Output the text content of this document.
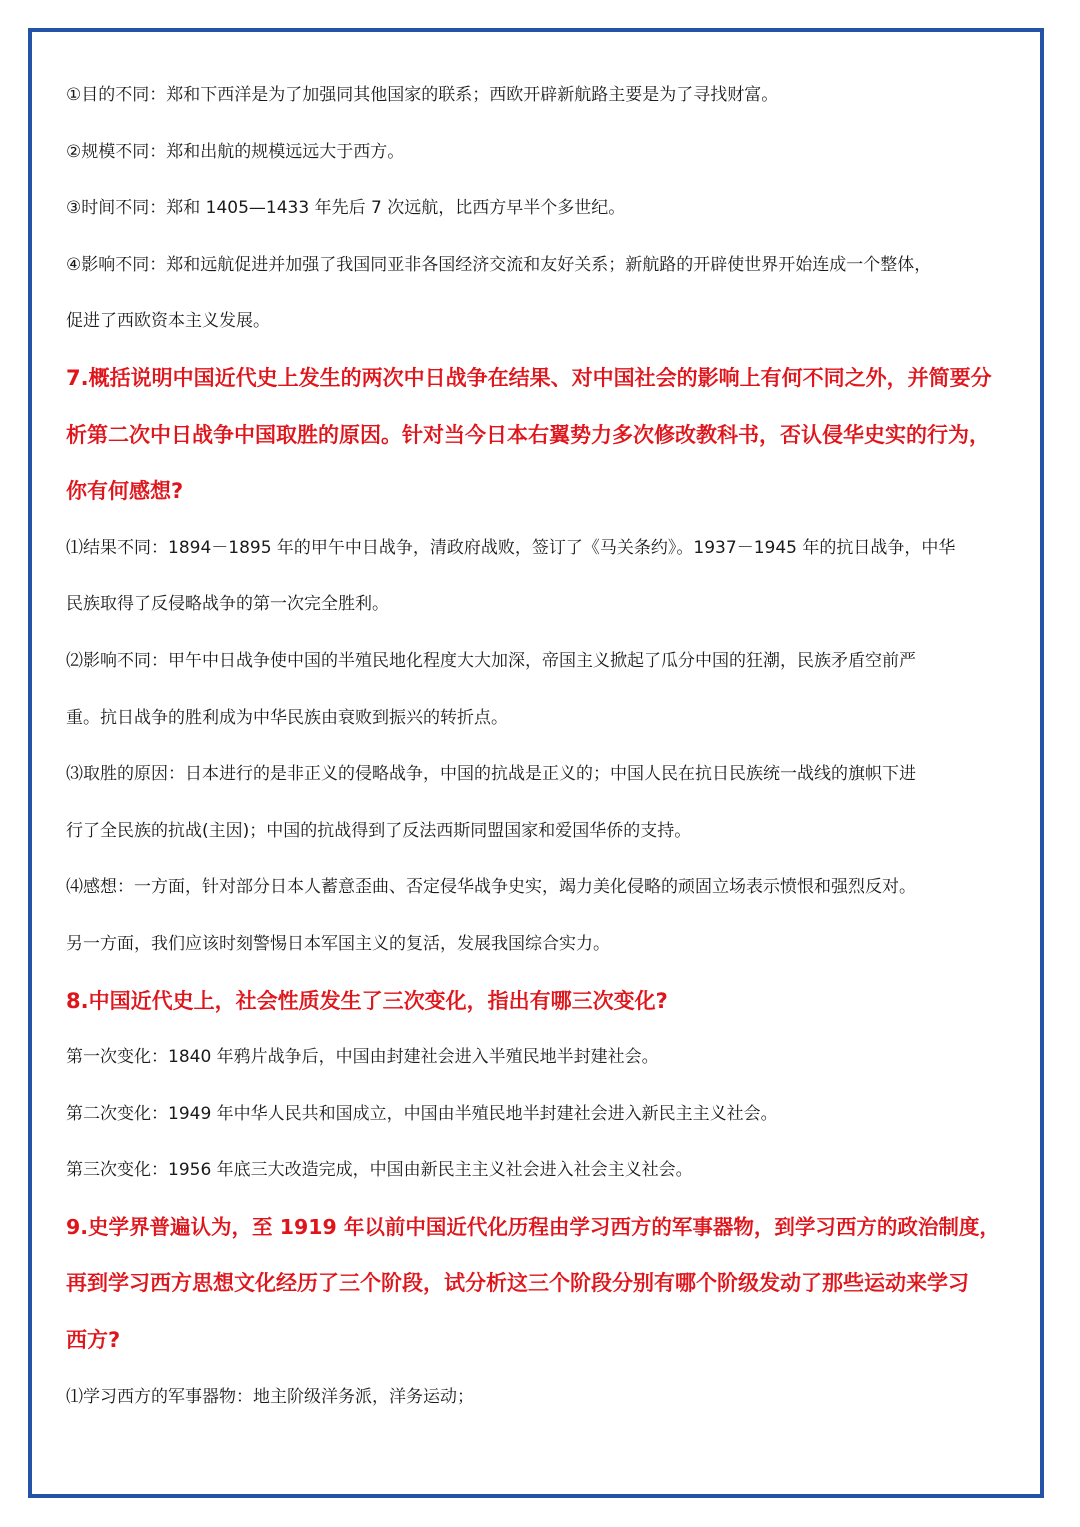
①目的不同：郑和下西洋是为了加强同其他国家的联系；西欧开辟新航路主要是为了寻找财富。
②规模不同：郑和出航的规模远远大于西方。
③时间不同：郑和 1405—1433 年先后 7 次远航，比西方早半个多世纪。
④影响不同：郑和远航促进并加强了我国同亚非各国经济交流和友好关系；新航路的开辟使世界开始连成一个整体，
促进了西欧资本主义发展。
7.概括说明中国近代史上发生的两次中日战争在结果、对中国社会的影响上有何不同之外，并简要分
析第二次中日战争中国取胜的原因。针对当今日本右翼势力多次修改教科书，否认侵华史实的行为，
你有何感想?
⑴结果不同：1894－1895 年的甲午中日战争，清政府战败，签订了《马关条约》。1937－1945 年的抗日战争，中华
民族取得了反侵略战争的第一次完全胜利。
⑵影响不同：甲午中日战争使中国的半殖民地化程度大大加深，帝国主义掀起了瓜分中国的狂潮，民族矛盾空前严
重。抗日战争的胜利成为中华民族由衰败到振兴的转折点。
⑶取胜的原因：日本进行的是非正义的侵略战争，中国的抗战是正义的；中国人民在抗日民族统一战线的旗帜下进
行了全民族的抗战(主因)；中国的抗战得到了反法西斯同盟国家和爱国华侨的支持。
⑷感想：一方面，针对部分日本人蓄意歪曲、否定侵华战争史实，竭力美化侵略的顽固立场表示愤恨和强烈反对。
另一方面，我们应该时刻警惕日本军国主义的复活，发展我国综合实力。
8.中国近代史上，社会性质发生了三次变化，指出有哪三次变化?
第一次变化：1840 年鸦片战争后，中国由封建社会进入半殖民地半封建社会。
第二次变化：1949 年中华人民共和国成立，中国由半殖民地半封建社会进入新民主主义社会。
第三次变化：1956 年底三大改造完成，中国由新民主主义社会进入社会主义社会。
9.史学界普遍认为，至 1919 年以前中国近代化历程由学习西方的军事器物，到学习西方的政治制度，
再到学习西方思想文化经历了三个阶段，试分析这三个阶段分别有哪个阶级发动了那些运动来学习
西方?
⑴学习西方的军事器物：地主阶级洋务派，洋务运动；
